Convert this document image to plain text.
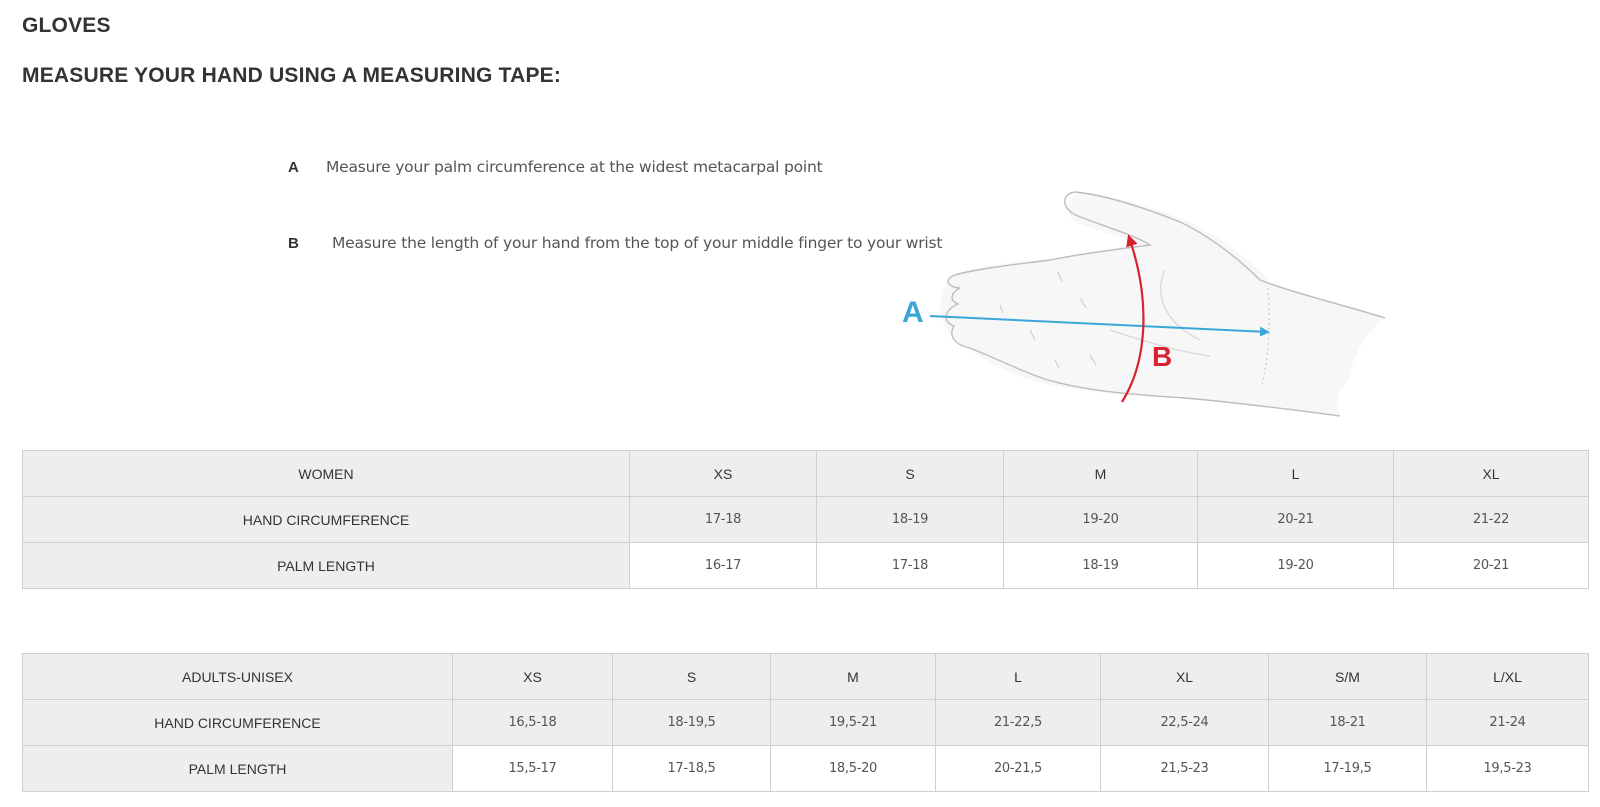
GLOVES
MEASURE YOUR HAND USING A MEASURING TAPE:
A Measure your palm circumference at the widest metacarpal point
B Measure the length of your hand from the top of your middle finger to your wrist
A
B
WOMEN	XS	S	M	L	XL
HAND CIRCUMFERENCE	17-18	18-19	19-20	20-21	21-22
PALM LENGTH	16-17	17-18	18-19	19-20	20-21
ADULTS-UNISEX	XS	S	M	L	XL	S/M	L/XL
HAND CIRCUMFERENCE	16,5-18	18-19,5	19,5-21	21-22,5	22,5-24	18-21	21-24
PALM LENGTH	15,5-17	17-18,5	18,5-20	20-21,5	21,5-23	17-19,5	19,5-23
